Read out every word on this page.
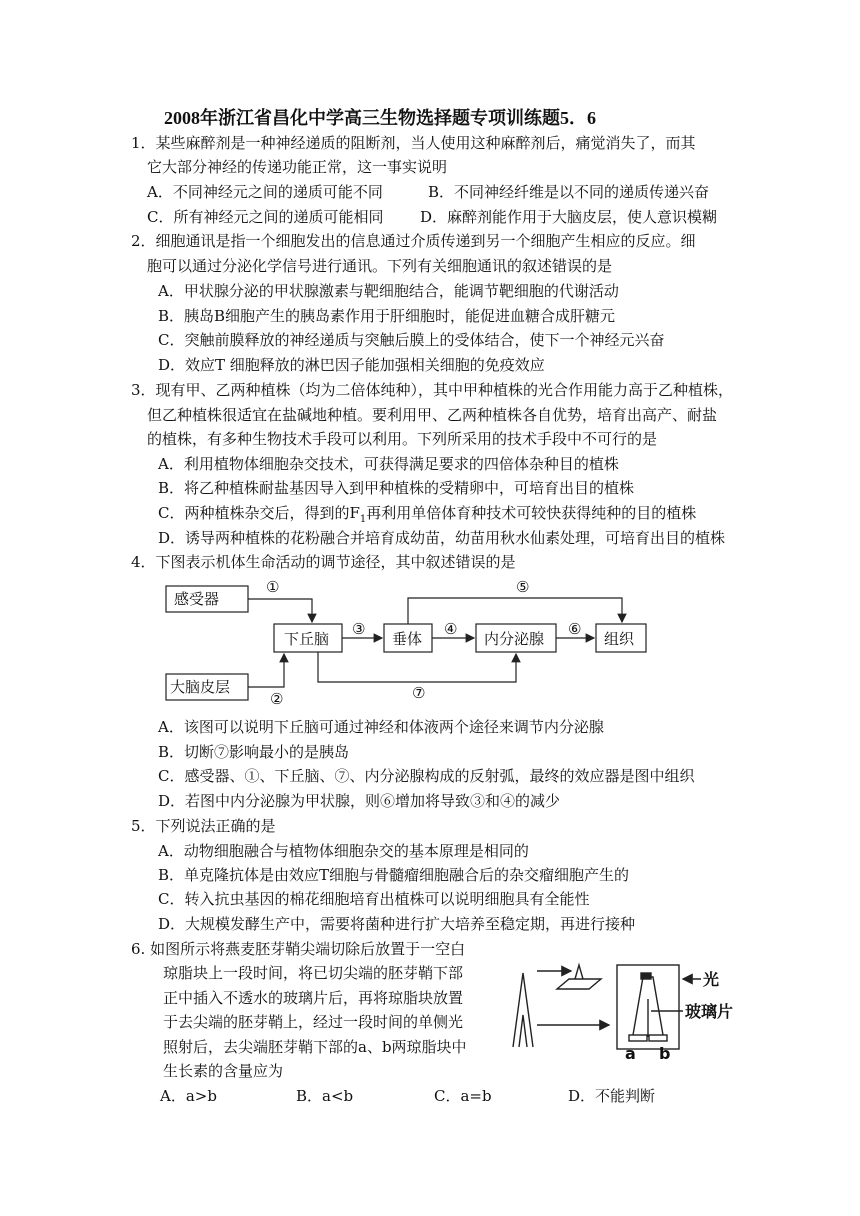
2008年浙江省昌化中学高三生物选择题专项训练题5．6
1．某些麻醉剂是一种神经递质的阻断剂，当人使用这种麻醉剂后，痛觉消失了，而其
它大部分神经的传递功能正常，这一事实说明
A．不同神经元之间的递质可能不同	B．不同神经纤维是以不同的递质传递兴奋
C．所有神经元之间的递质可能相同 D．麻醉剂能作用于大脑皮层，使人意识模糊
2．细胞通讯是指一个细胞发出的信息通过介质传递到另一个细胞产生相应的反应。细
胞可以通过分泌化学信号进行通讯。下列有关细胞通讯的叙述错误的是
A．甲状腺分泌的甲状腺激素与靶细胞结合，能调节靶细胞的代谢活动
B．胰岛B细胞产生的胰岛素作用于肝细胞时，能促进血糖合成肝糖元
C．突触前膜释放的神经递质与突触后膜上的受体结合，使下一个神经元兴奋
D．效应T 细胞释放的淋巴因子能加强相关细胞的免疫效应
3．现有甲、乙两种植株（均为二倍体纯种），其中甲种植株的光合作用能力高于乙种植株，
但乙种植株很适宜在盐碱地种植。要利用甲、乙两种植株各自优势，培育出高产、耐盐
的植株，有多种生物技术手段可以利用。下列所采用的技术手段中不可行的是
A．利用植物体细胞杂交技术，可获得满足要求的四倍体杂种目的植株
B．将乙种植株耐盐基因导入到甲种植株的受精卵中，可培育出目的植株
C．两种植株杂交后，得到的$F_1$再利用单倍体育种技术可较快获得纯种的目的植株
D．诱导两种植株的花粉融合并培育成幼苗，幼苗用秋水仙素处理，可培育出目的植株
4．下图表示机体生命活动的调节途径，其中叙述错误的是
感受器
大脑皮层
下丘脑	垂体	内分泌腺	组织
①
②
③	④
⑤
⑥
⑦
A．该图可以说明下丘脑可通过神经和体液两个途径来调节内分泌腺
B．切断⑦影响最小的是胰岛
C．感受器、①、下丘脑、⑦、内分泌腺构成的反射弧，最终的效应器是图中组织
D．若图中内分泌腺为甲状腺，则⑥增加将导致③和④的减少
5．下列说法正确的是
A．动物细胞融合与植物体细胞杂交的基本原理是相同的
B．单克隆抗体是由效应T细胞与骨髓瘤细胞融合后的杂交瘤细胞产生的
C．转入抗虫基因的棉花细胞培育出植株可以说明细胞具有全能性
D．大规模发酵生产中，需要将菌种进行扩大培养至稳定期，再进行接种
6. 如图所示将燕麦胚芽鞘尖端切除后放置于一空白
琼脂块上一段时间，将已切尖端的胚芽鞘下部
正中插入不透水的玻璃片后，再将琼脂块放置
于去尖端的胚芽鞘上，经过一段时间的单侧光
照射后，去尖端胚芽鞘下部的a、b两琼脂块中
生长素的含量应为
光
玻璃片
a b
A．a>b	B．a<b	C．a=b	D．不能判断
